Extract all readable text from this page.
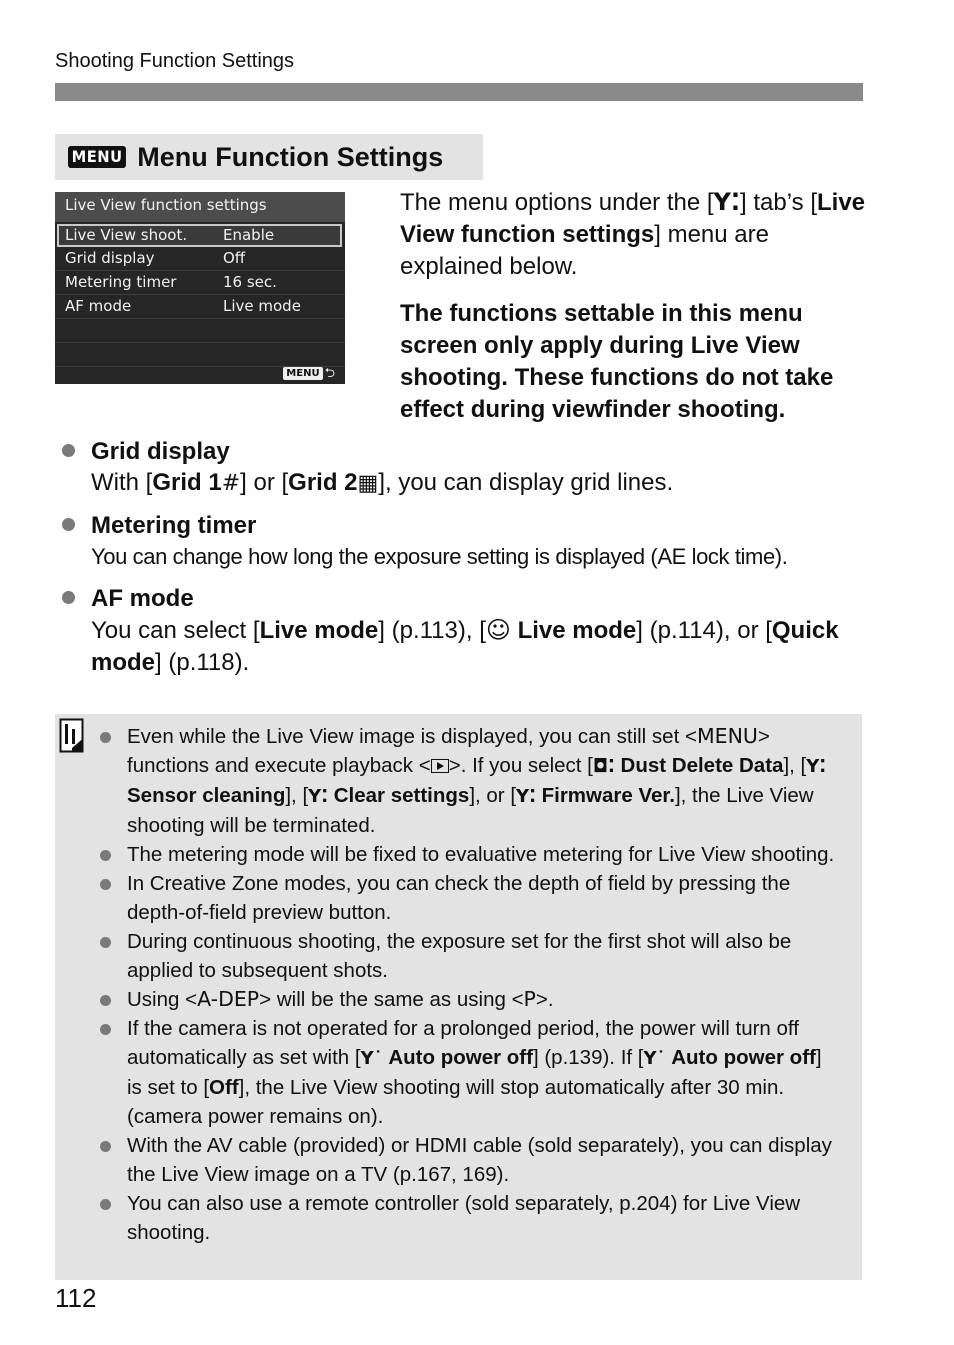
Shooting Function Settings
MENU Menu Function Settings
Live View function settings
Live View shoot. Enable
Grid display	Off
Metering timer	16 sec.
AF mode	Live mode
MENU ⮌
The menu options under the [𝗬⁚] tab’s [Live View function settings] menu are explained below.
The functions settable in this menu screen only apply during Live View shooting. These functions do not take effect during viewfinder shooting.
Grid display
With [Grid 1#] or [Grid 2▦], you can display grid lines.
Metering timer
You can change how long the exposure setting is displayed (AE lock time).
AF mode
You can select [Live mode] (p.113), [☺ Live mode] (p.114), or [Quick mode] (p.118).
Even while the Live View image is displayed, you can still set <MENU> functions and execute playback < >. If you select [◘⁚ Dust Delete Data], [𝗬⁚ Sensor cleaning], [𝗬⁚ Clear settings], or [𝗬⁚ Firmware Ver.], the Live View shooting will be terminated.
The metering mode will be fixed to evaluative metering for Live View shooting.
In Creative Zone modes, you can check the depth of field by pressing the depth-of-field preview button.
During continuous shooting, the exposure set for the first shot will also be applied to subsequent shots.
Using <A-DEP> will be the same as using <P>.
If the camera is not operated for a prolonged period, the power will turn off automatically as set with [𝗬˙ Auto power off] (p.139). If [𝗬˙ Auto power off] is set to [Off], the Live View shooting will stop automatically after 30 min. (camera power remains on).
With the AV cable (provided) or HDMI cable (sold separately), you can display the Live View image on a TV (p.167, 169).
You can also use a remote controller (sold separately, p.204) for Live View shooting.
112
